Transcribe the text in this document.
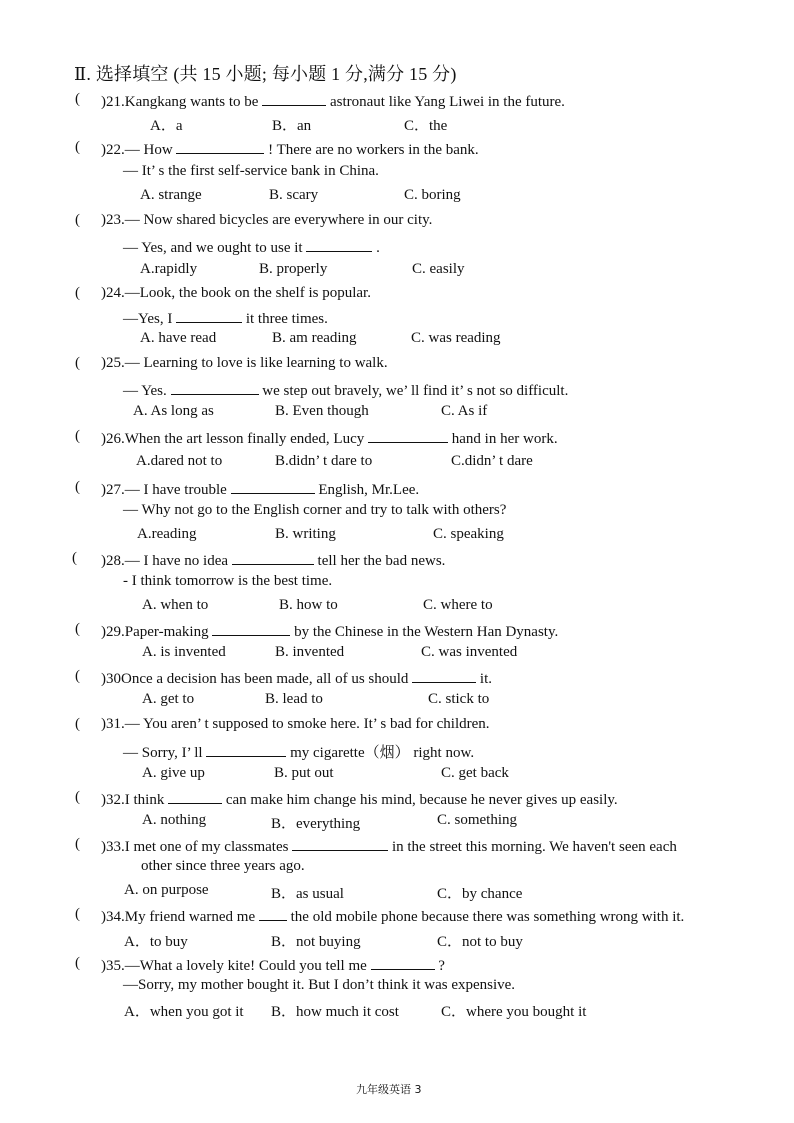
Ⅱ. 选择填空 (共 15 小题; 每小题 1 分,满分 15 分)
( )21.Kangkang wants to be	astronaut like Yang Liwei in the future.
A．a	B．an	C．the
( )22.— How	! There are no workers in the bank.
— It’ s the first self-service bank in China.
A. strange	B. scary	C. boring
( )23.— Now shared bicycles are everywhere in our city.
— Yes, and we ought to use it	.
A.rapidly	B. properly	C. easily
( )24.—Look, the book on the shelf is popular.
—Yes, I	it three times.
A. have read	B. am reading	C. was reading
( )25.— Learning to love is like learning to walk.
— Yes.	we step out bravely, we’ ll find it’ s not so difficult.
A. As long as	B. Even though	C. As if
( )26.When the art lesson finally ended, Lucy	hand in her work.
A.dared not to	B.didn’ t dare to	C.didn’ t dare
( )27.— I have trouble	English, Mr.Lee.
— Why not go to the English corner and try to talk with others?
A.reading	B. writing	C. speaking
( )28.— I have no idea	tell her the bad news.
- I think tomorrow is the best time.
A. when to	B. how to	C. where to
( )29.Paper-making	by the Chinese in the Western Han Dynasty.
A. is invented	B. invented	C. was invented
( )30Once a decision has been made, all of us should	it.
A. get to	B. lead to	C. stick to
( )31.— You aren’ t supposed to smoke here. It’ s bad for children.
— Sorry, I’ ll	my cigarette（烟） right now.
A. give up	B. put out	C. get back
( )32.I think	can make him change his mind, because he never gives up easily.
A. nothing	B．everything	C. something
( )33.I met one of my classmates	in the street this morning. We haven't seen each
other since three years ago.
A. on purpose	B．as usual	C．by chance
( )34.My friend warned me the old mobile phone because there was something wrong with it.
A．to buy	B．not buying	C．not to buy
( )35.—What a lovely kite! Could you tell me	?
—Sorry, my mother bought it. But I don’t think it was expensive.
A．when you got it B．how much it cost	C．where you bought it
九年级英语 3
